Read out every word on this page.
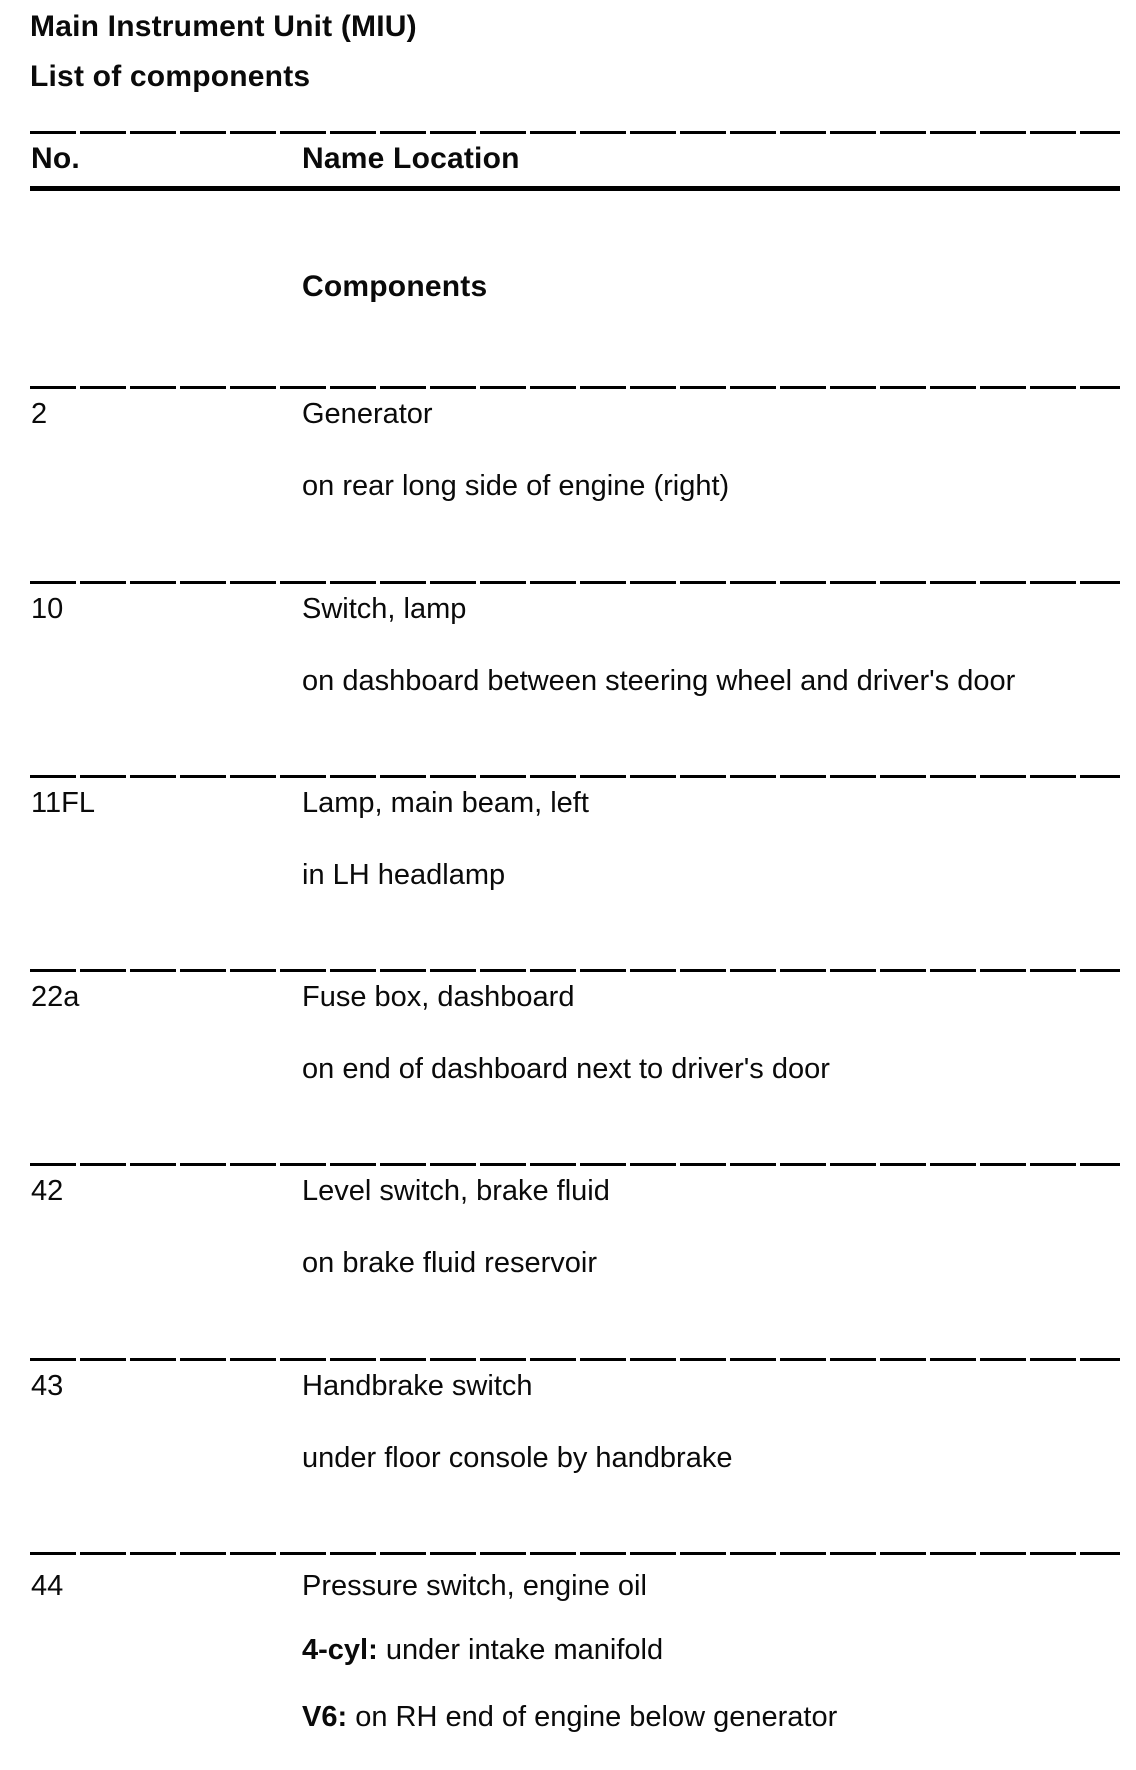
Main Instrument Unit (MIU)
List of components
No.	Name Location
Components
2	Generator
on rear long side of engine (right)
10	Switch, lamp
on dashboard between steering wheel and driver's door
11FL	Lamp, main beam, left
in LH headlamp
22a	Fuse box, dashboard
on end of dashboard next to driver's door
42	Level switch, brake fluid
on brake fluid reservoir
43	Handbrake switch
under floor console by handbrake
44	Pressure switch, engine oil
4-cyl: under intake manifold
V6: on RH end of engine below generator
